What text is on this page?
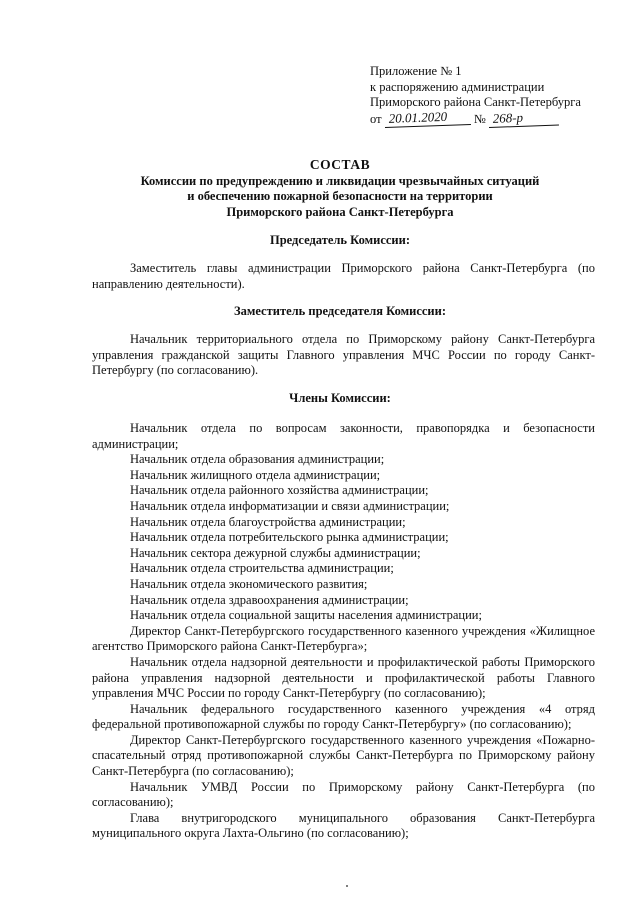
Приложение № 1
к распоряжению администрации
Приморского района Санкт-Петербурга
от 20.01.2020 № 268-р
СОСТАВ
Комиссии по предупреждению и ликвидации чрезвычайных ситуаций
и обеспечению пожарной безопасности на территории
Приморского района Санкт-Петербурга
Председатель Комиссии:
Заместитель главы администрации Приморского района Санкт-Петербурга (по направлению деятельности).
Заместитель председателя Комиссии:
Начальник территориального отдела по Приморскому району Санкт-Петербурга управления гражданской защиты Главного управления МЧС России по городу Санкт-Петербургу (по согласованию).
Члены Комиссии:

Начальник отдела по вопросам законности, правопорядка и безопасности администрации;

Начальник отдела образования администрации;

Начальник жилищного отдела администрации;

Начальник отдела районного хозяйства администрации;

Начальник отдела информатизации и связи администрации;

Начальник отдела благоустройства администрации;

Начальник отдела потребительского рынка администрации;

Начальник сектора дежурной службы администрации;

Начальник отдела строительства администрации;

Начальник отдела экономического развития;

Начальник отдела здравоохранения администрации;

Начальник отдела социальной защиты населения администрации;

Директор Санкт-Петербургского государственного казенного учреждения «Жилищное агентство Приморского района Санкт-Петербурга»;

Начальник отдела надзорной деятельности и профилактической работы Приморского района управления надзорной деятельности и профилактической работы Главного управления МЧС России по городу Санкт-Петербургу (по согласованию);

Начальник федерального государственного казенного учреждения «4 отряд федеральной противопожарной службы по городу Санкт-Петербургу» (по согласованию);

Директор Санкт-Петербургского государственного казенного учреждения «Пожарно-спасательный отряд противопожарной службы Санкт-Петербурга по Приморскому району Санкт-Петербурга (по согласованию);

Начальник УМВД России по Приморскому району Санкт-Петербурга (по согласованию);

Глава внутригородского муниципального образования Санкт-Петербурга муниципального округа Лахта-Ольгино (по согласованию);
